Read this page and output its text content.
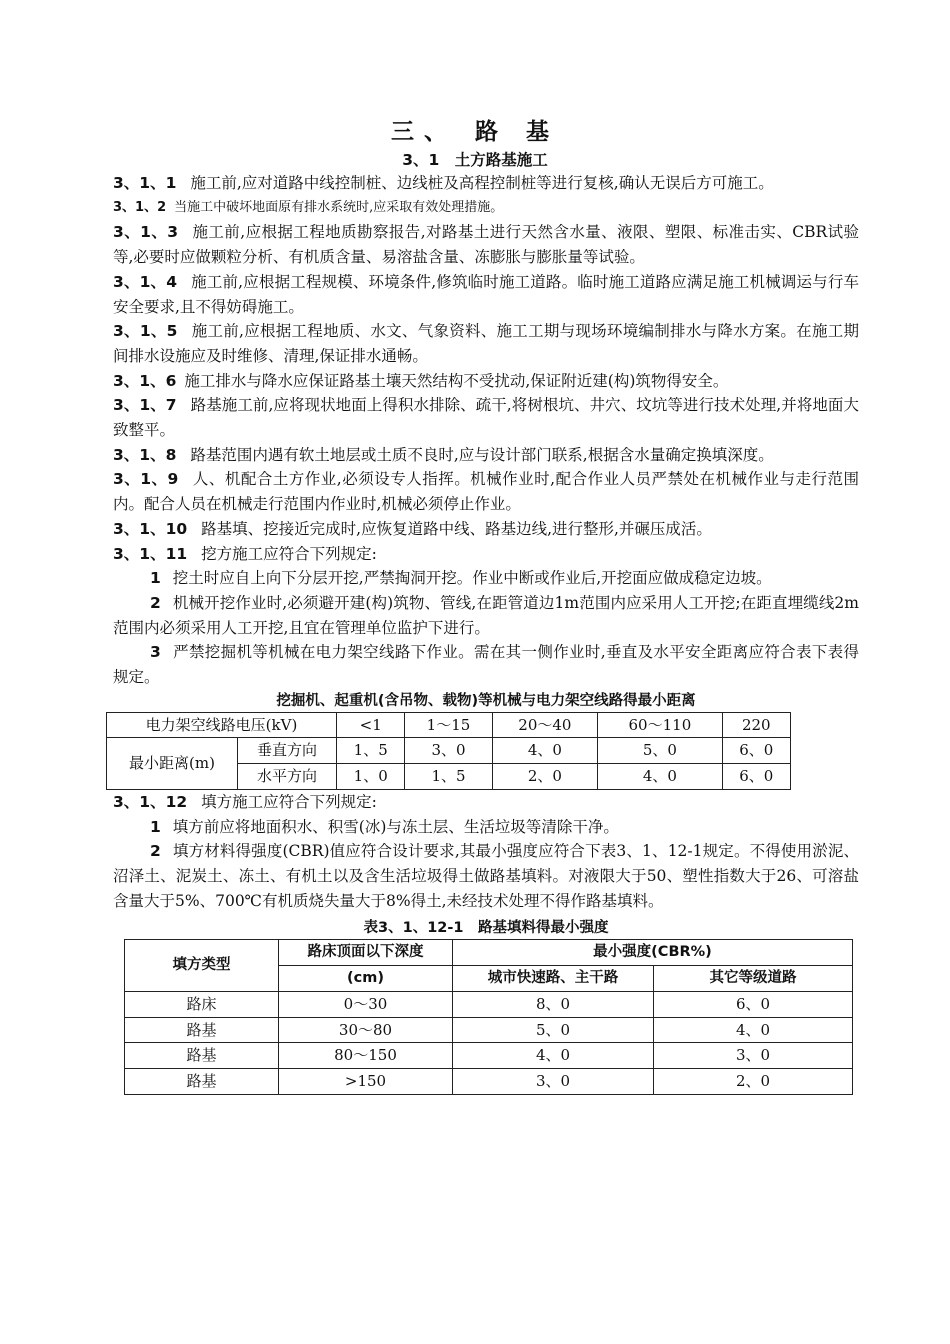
三、 路 基
3、1　土方路基施工

3、1、1 施工前,应对道路中线控制桩、边线桩及高程控制桩等进行复核,确认无误后方可施工。

3、1、2 当施工中破坏地面原有排水系统时,应采取有效处理措施。

3、1、3 施工前,应根据工程地质勘察报告,对路基土进行天然含水量、液限、塑限、标准击实、CBR试验等,必要时应做颗粒分析、有机质含量、易溶盐含量、冻膨胀与膨胀量等试验。

3、1、4 施工前,应根据工程规模、环境条件,修筑临时施工道路。临时施工道路应满足施工机械调运与行车安全要求,且不得妨碍施工。

3、1、5 施工前,应根据工程地质、水文、气象资料、施工工期与现场环境编制排水与降水方案。在施工期间排水设施应及时维修、清理,保证排水通畅。

3、1、6 施工排水与降水应保证路基土壤天然结构不受扰动,保证附近建(构)筑物得安全。

3、1、7 路基施工前,应将现状地面上得积水排除、疏干,将树根坑、井穴、坟坑等进行技术处理,并将地面大致整平。

3、1、8 路基范围内遇有软土地层或土质不良时,应与设计部门联系,根据含水量确定换填深度。

3、1、9 人、机配合土方作业,必须设专人指挥。机械作业时,配合作业人员严禁处在机械作业与走行范围内。配合人员在机械走行范围内作业时,机械必须停止作业。

3、1、10 路基填、挖接近完成时,应恢复道路中线、路基边线,进行整形,并碾压成活。

3、1、11 挖方施工应符合下列规定:

1 挖土时应自上向下分层开挖,严禁掏洞开挖。作业中断或作业后,开挖面应做成稳定边坡。

2 机械开挖作业时,必须避开建(构)筑物、管线,在距管道边1m范围内应采用人工开挖;在距直埋缆线2m范围内必须采用人工开挖,且宜在管理单位监护下进行。

3 严禁挖掘机等机械在电力架空线路下作业。需在其一侧作业时,垂直及水平安全距离应符合表下表得规定。

挖掘机、起重机(含吊物、载物)等机械与电力架空线路得最小距离
电力架空线路电压(kV)		<1	1～15	20～40	60～110	220
最小距离(m)	垂直方向	1、5	3、0	4、0	5、0	6、0
	水平方向	1、0	1、5	2、0	4、0	6、0

3、1、12 填方施工应符合下列规定:

1 填方前应将地面积水、积雪(冰)与冻土层、生活垃圾等清除干净。

2 填方材料得强度(CBR)值应符合设计要求,其最小强度应符合下表3、1、12-1规定。不得使用淤泥、沼泽土、泥炭土、冻土、有机土以及含生活垃圾得土做路基填料。对液限大于50、塑性指数大于26、可溶盐含量大于5%、700℃有机质烧失量大于8%得土,未经技术处理不得作路基填料。

表3、1、12-1　路基填料得最小强度
填方类型	路床顶面以下深度	最小强度(CBR%)	
	(cm)	城市快速路、主干路	其它等级道路
路床	0～30	8、0	6、0
路基	30～80	5、0	4、0
路基	80～150	4、0	3、0
路基	>150	3、0	2、0
